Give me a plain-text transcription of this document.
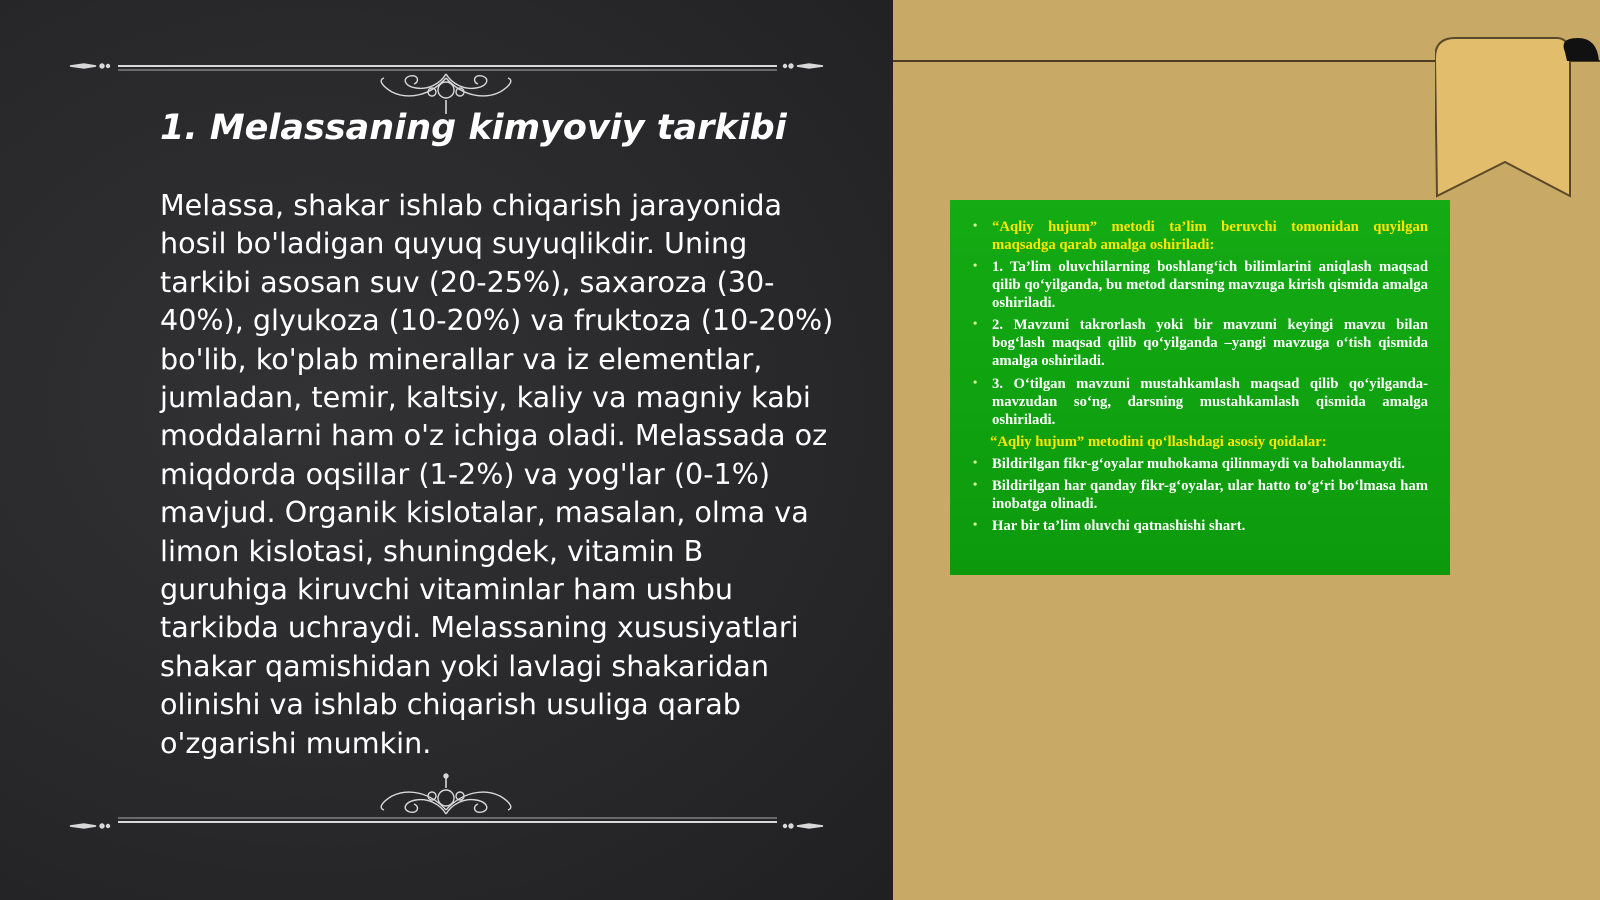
1. Melassaning kimyoviy tarkibi

Melassa, shakar ishlab chiqarish jarayonida hosil bo'ladigan quyuq suyuqlikdir. Uning tarkibi asosan suv (20-25%), saxaroza (30-40%), glyukoza (10-20%) va fruktoza (10-20%) bo'lib, ko'plab minerallar va iz elementlar, jumladan, temir, kaltsiy, kaliy va magniy kabi moddalarni ham o'z ichiga oladi. Melassada oz miqdorda oqsillar (1-2%) va yog'lar (0-1%) mavjud. Organik kislotalar, masalan, olma va limon kislotasi, shuningdek, vitamin B guruhiga kiruvchi vitaminlar ham ushbu tarkibda uchraydi. Melassaning xususiyatlari shakar qamishidan yoki lavlagi shakaridan olinishi va ishlab chiqarish usuliga qarab o'zgarishi mumkin.

• “Aqliy hujum” metodi ta’lim beruvchi tomonidan quyilgan maqsadga qarab amalga oshiriladi:
• 1. Ta’lim oluvchilarning boshlang‘ich bilimlarini aniqlash maqsad qilib qo‘yilganda, bu metod darsning mavzuga kirish qismida amalga oshiriladi.
• 2. Mavzuni takrorlash yoki bir mavzuni keyingi mavzu bilan bog‘lash maqsad qilib qo‘yilganda –yangi mavzuga o‘tish qismida amalga oshiriladi.
• 3. O‘tilgan mavzuni mustahkamlash maqsad qilib qo‘yilganda-mavzudan so‘ng, darsning mustahkamlash qismida amalga oshiriladi.
“Aqliy hujum” metodini qo‘llashdagi asosiy qoidalar:
• Bildirilgan fikr-g‘oyalar muhokama qilinmaydi va baholanmaydi.
• Bildirilgan har qanday fikr-g‘oyalar, ular hatto to‘g‘ri bo‘lmasa ham inobatga olinadi.
• Har bir ta’lim oluvchi qatnashishi shart.
